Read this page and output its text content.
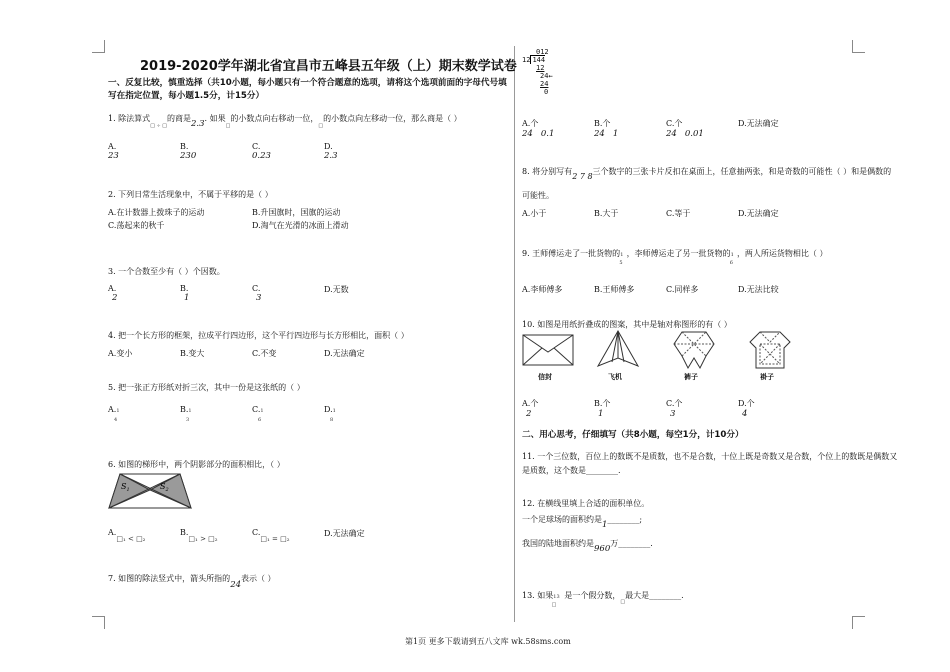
2019-2020学年湖北省宜昌市五峰县五年级（上）期末数学试卷
一、反复比较，慎重选择（共10小题，每小题只有一个符合题意的选项，请将这个选项前面的字母代号填
写在指定位置，每小题1.5分，计15分）
1. 除法算式$_{□ \div □}$的商是2.3. 如果$_□$的小数点向右移动一位，$_□$的小数点向左移动一位，那么商是（ ）
A.
23
B.
230
C.
0.23
D.
2.3
2. 下列日常生活现象中，不属于平移的是（ ）
A.在计数器上拨珠子的运动	B.升国旗时，国旗的运动
C.荡起来的秋千	D.淘气在光滑的冰面上滑动
3. 一个合数至少有（ ）个因数。
A.
2
B.
1
C.
3
D.无数
4. 把一个长方形的框架，拉成平行四边形，这个平行四边形与长方形相比，面积（ ）
A.变小	B.变大	C.不变	D.无法确定
5. 把一张正方形纸对折三次，其中一份是这张纸的（ ）
A.1
4
B.1
3
C.1
6
D.1
8
6. 如图的梯形中，两个阴影部分的面积相比，（ ）
$S_1$	$S_2$
A.□₁ < □₂
B.□₁ > □₂
C.□₁ = □₂
D.无法确定
7. 如图的除法竖式中，箭头所指的24表示（ ）
012
12 144
12
24←
24
0
A.个
24 0.1
B.个
24 1
C.个
24 0.01
D.无法确定
8. 将分别写有2 7 8三个数字的三张卡片反扣在桌面上，任意抽两张，和是奇数的可能性（ ）和是偶数的
可能性。
A.小于	B.大于	C.等于	D.无法确定
9. 王师傅运走了一批货物的$1_5$，李师傅运走了另一批货物的$1_6$，两人所运货物相比（ ）
A.李师傅多	B.王师傅多	C.同样多	D.无法比较
10. 如图是用纸折叠成的图案，其中是轴对称图形的有（ ）
信封	飞机	裤子	褂子
A.个
2
B.个
1
C.个
3
D.个
4
二、用心思考，仔细填写（共8小题，每空1分，计10分）
11. 一个三位数，百位上的数既不是质数，也不是合数，十位上既是奇数又是合数，个位上的数既是偶数又
是质数，这个数是________.
12. 在横线里填上合适的面积单位。
一个足球场的面积约是1________;
我国的陆地面积约是960万________.
13. 如果$13_□$是一个假分数，$_□$最大是________.
第1页 更多下载请到五八文库 wk.58sms.com
